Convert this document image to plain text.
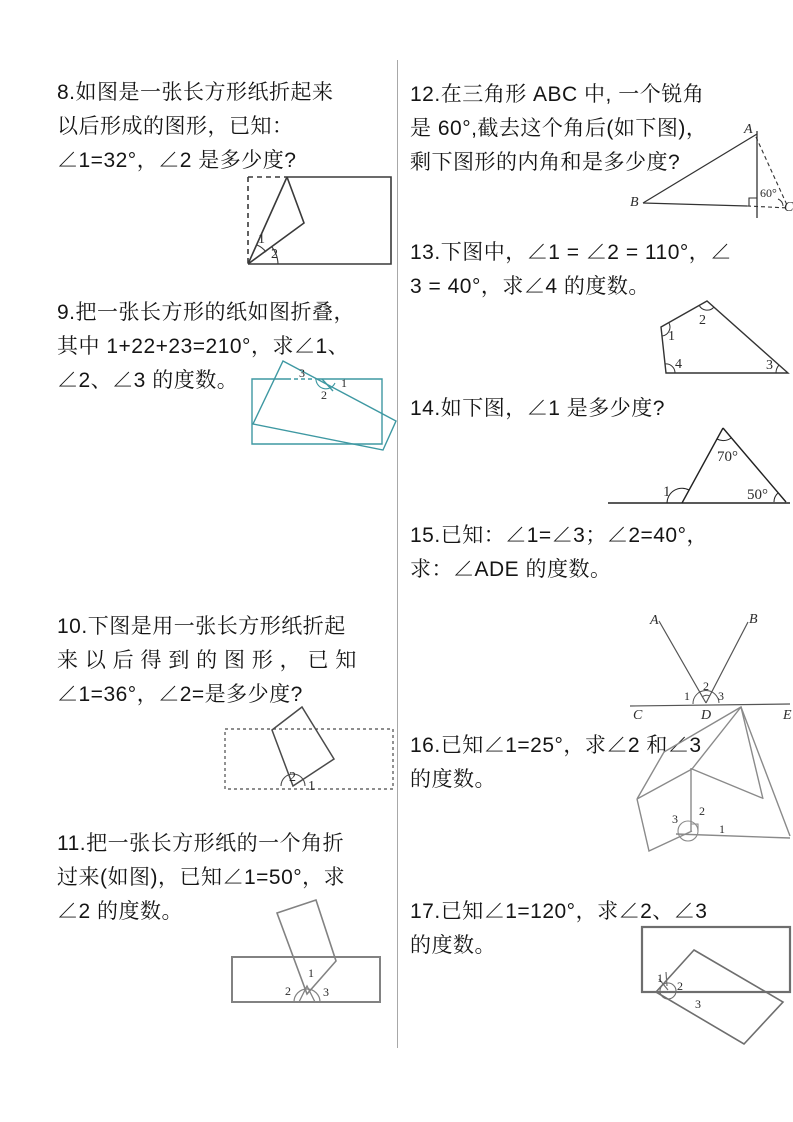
8.如图是一张长方形纸折起来
以后形成的图形，已知：
∠1=32°，∠2 是多少度?
9.把一张长方形的纸如图折叠，
其中 1+22+23=210°，求∠1、
∠2、∠3 的度数。
10.下图是用一张长方形纸折起
来 以 后 得 到 的 图 形 ， 已 知
∠1=36°，∠2=是多少度?
11.把一张长方形纸的一个角折
过来(如图)，已知∠1=50°，求
∠2 的度数。
12.在三角形 ABC 中, 一个锐角
是 60°,截去这个角后(如下图)，
剩下图形的内角和是多少度?
13.下图中，∠1 = ∠2 = 110°，∠
3 = 40°，求∠4 的度数。
14.如下图，∠1 是多少度?
15.已知：∠1=∠3；∠2=40°，
求：∠ADE 的度数。
16.已知∠1=25°，求∠2 和∠3
的度数。
17.已知∠1=120°，求∠2、∠3
的度数。
1
2
3
2
1
2
1
2
1
3
A
B	C
60°
1
2
3
4
70°
50°
1
A	B
C	D	E
1
2
3
2
3
1
1
2
3
